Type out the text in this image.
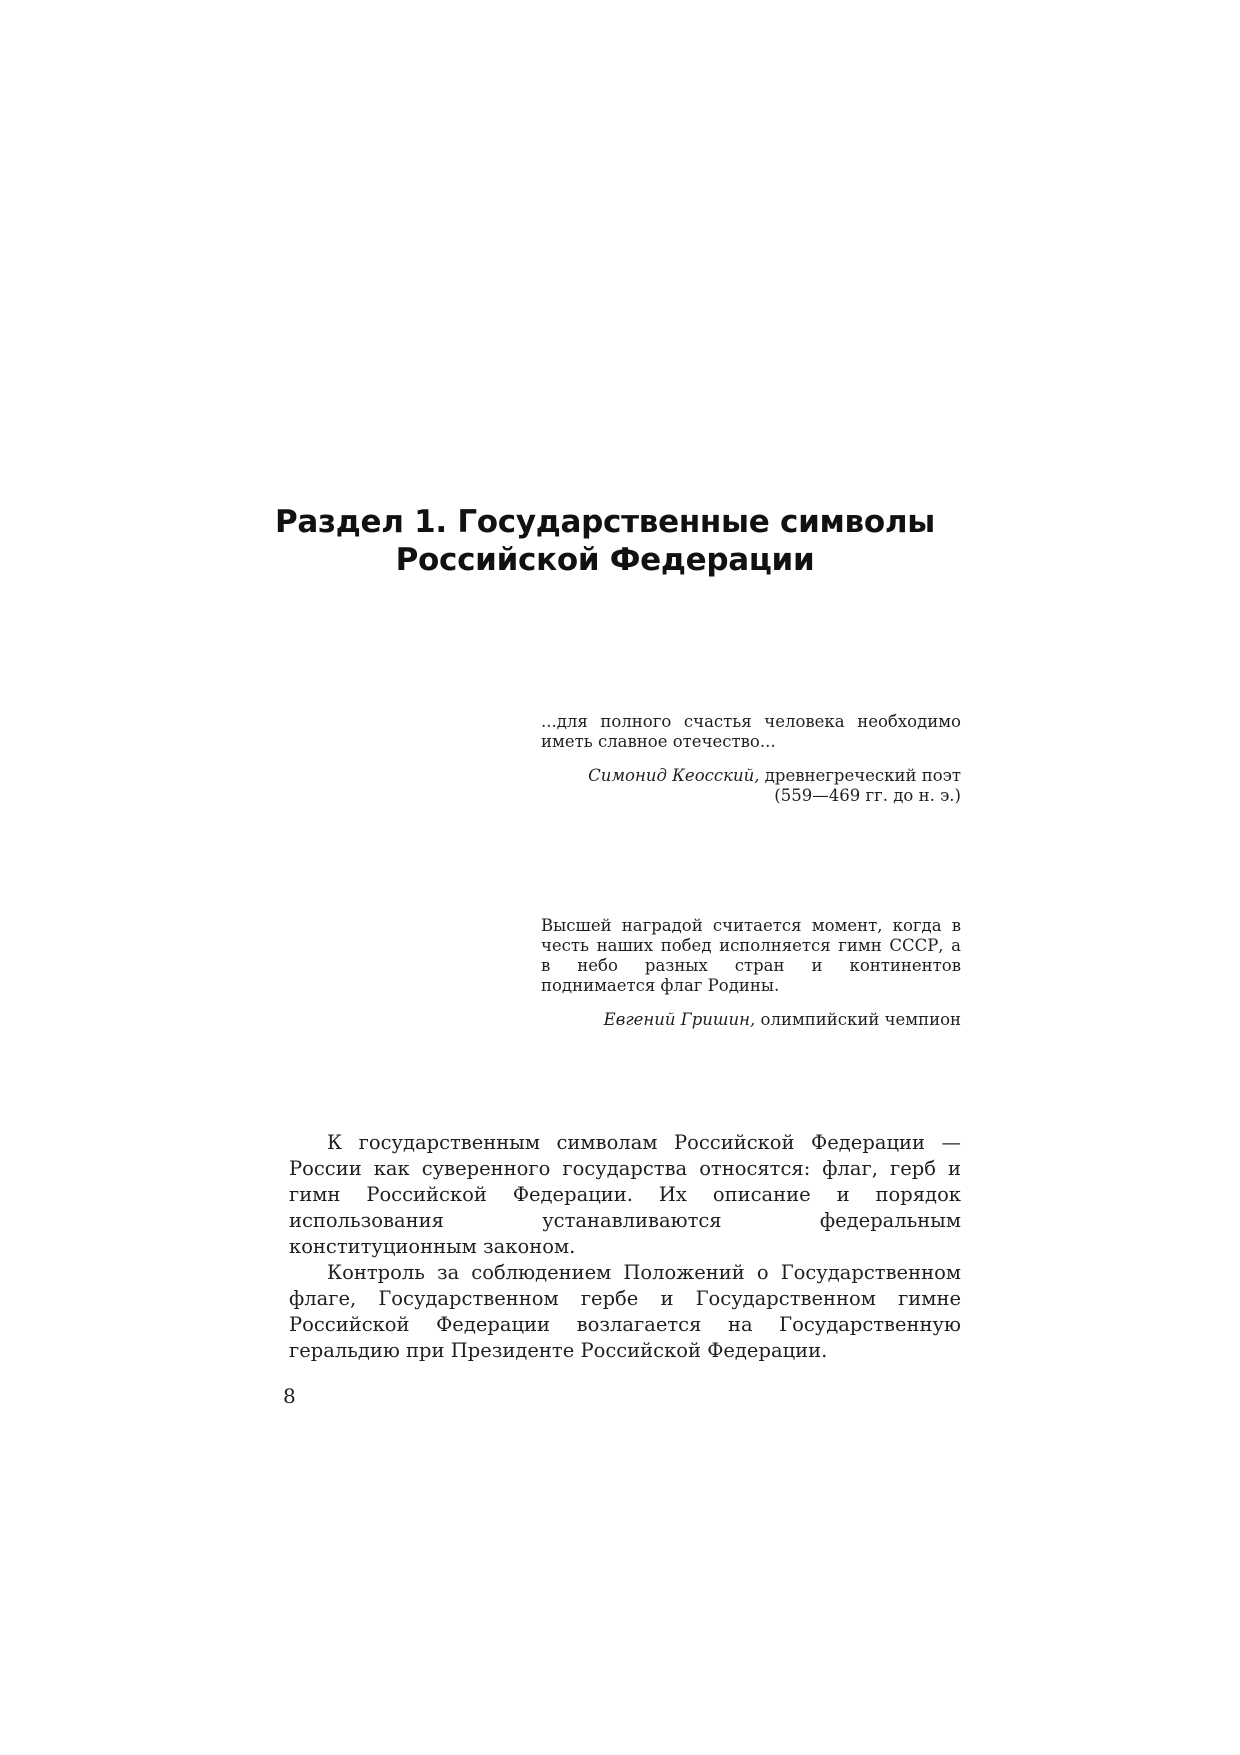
Раздел 1. Государственные символы
Российской Федерации

...для полного счастья человека необходимо иметь славное отечество...

Симонид Кеосский, древнегреческий поэт
(559—469 гг. до н. э.)

Высшей наградой считается момент, когда в честь наших побед исполняется гимн СССР, а в небо разных стран и континентов поднимается флаг Родины.

Евгений Гришин, олимпийский чемпион

К государственным символам Российской Федерации — России как суверенного государства относятся: флаг, герб и гимн Российской Федерации. Их описание и порядок использования устанавливаются федеральным конституционным законом.

Контроль за соблюдением Положений о Государственном флаге, Государственном гербе и Государственном гимне Российской Федерации возлагается на Государственную геральдию при Президенте Российской Федерации.

8
